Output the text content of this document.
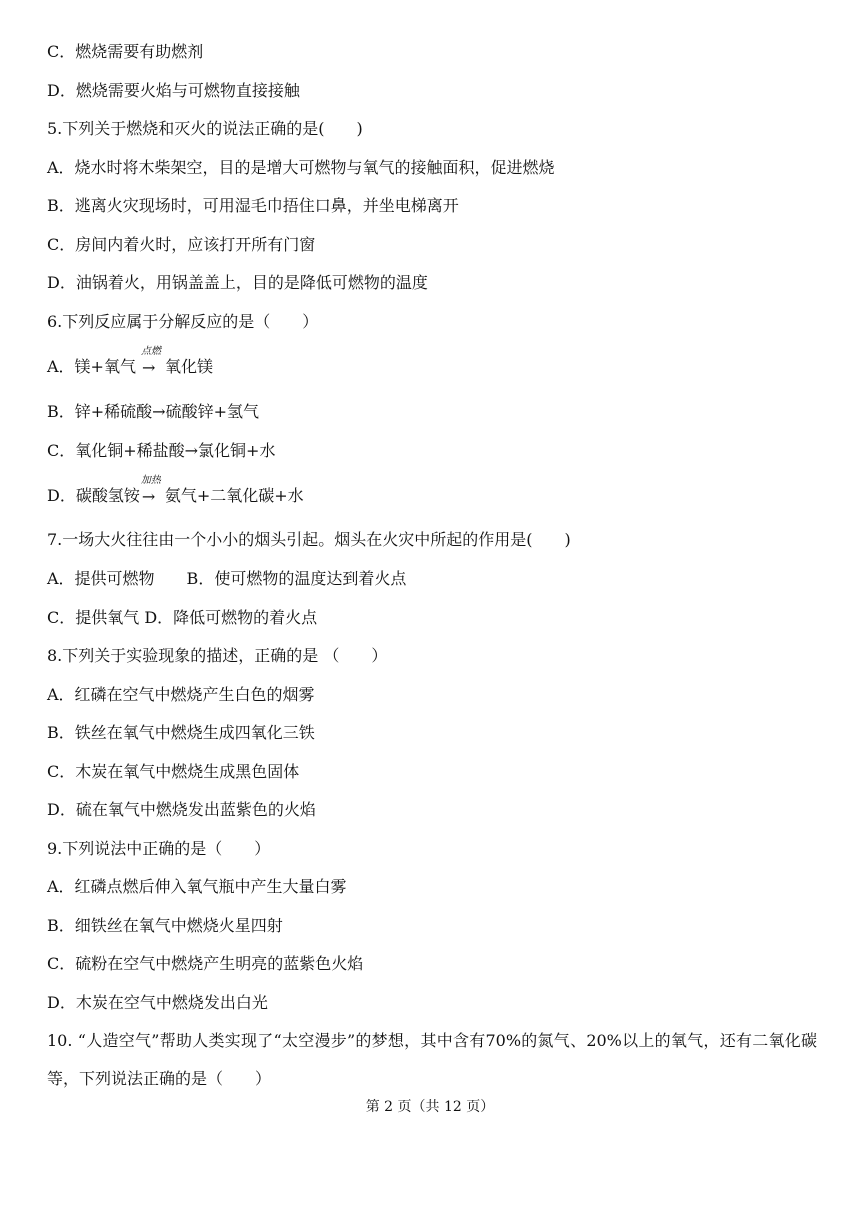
C．燃烧需要有助燃剂
D．燃烧需要火焰与可燃物直接接触
5.下列关于燃烧和灭火的说法正确的是(　　)
A．烧水时将木柴架空，目的是增大可燃物与氧气的接触面积，促进燃烧
B．逃离火灾现场时，可用湿毛巾捂住口鼻，并坐电梯离开
C．房间内着火时，应该打开所有门窗
D．油锅着火，用锅盖盖上，目的是降低可燃物的温度
6.下列反应属于分解反应的是（　　）
A．镁+氧气
点燃
→ 氧化镁
B．锌+稀硫酸→硫酸锌+氢气
C．氧化铜+稀盐酸→氯化铜+水
D．碳酸氢铵
加热
→ 氨气+二氧化碳+水
7.一场大火往往由一个小小的烟头引起。烟头在火灾中所起的作用是(　　)
A．提供可燃物　　B．使可燃物的温度达到着火点
C．提供氧气 D．降低可燃物的着火点
8.下列关于实验现象的描述，正确的是 （　　）
A．红磷在空气中燃烧产生白色的烟雾
B．铁丝在氧气中燃烧生成四氧化三铁
C．木炭在氧气中燃烧生成黑色固体
D．硫在氧气中燃烧发出蓝紫色的火焰
9.下列说法中正确的是（　　）
A．红磷点燃后伸入氧气瓶中产生大量白雾
B．细铁丝在氧气中燃烧火星四射
C．硫粉在空气中燃烧产生明亮的蓝紫色火焰
D．木炭在空气中燃烧发出白光
10. “人造空气”帮助人类实现了“太空漫步”的梦想，其中含有70%的氮气、20%以上的氧气，还有二氧化碳等，下列说法正确的是（　　）
第 2 页（共 12 页）
